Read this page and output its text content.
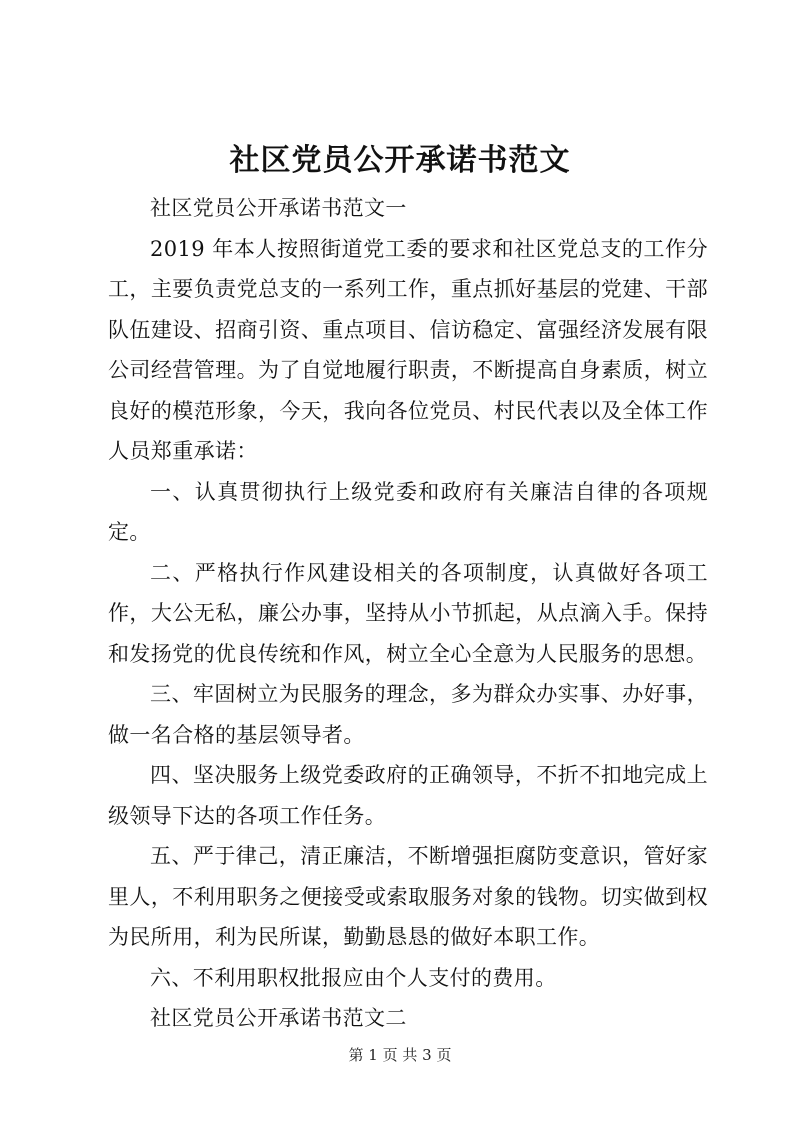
社区党员公开承诺书范文

社区党员公开承诺书范文一

2019 年本人按照街道党工委的要求和社区党总支的工作分工，主要负责党总支的一系列工作，重点抓好基层的党建、干部队伍建设、招商引资、重点项目、信访稳定、富强经济发展有限公司经营管理。为了自觉地履行职责，不断提高自身素质，树立良好的模范形象，今天，我向各位党员、村民代表以及全体工作人员郑重承诺：

一、认真贯彻执行上级党委和政府有关廉洁自律的各项规定。

二、严格执行作风建设相关的各项制度，认真做好各项工作，大公无私，廉公办事，坚持从小节抓起，从点滴入手。保持和发扬党的优良传统和作风，树立全心全意为人民服务的思想。

三、牢固树立为民服务的理念，多为群众办实事、办好事，做一名合格的基层领导者。

四、坚决服务上级党委政府的正确领导，不折不扣地完成上级领导下达的各项工作任务。

五、严于律己，清正廉洁，不断增强拒腐防变意识，管好家里人，不利用职务之便接受或索取服务对象的钱物。切实做到权为民所用，利为民所谋，勤勤恳恳的做好本职工作。

六、不利用职权批报应由个人支付的费用。

社区党员公开承诺书范文二

第 1 页 共 3 页
